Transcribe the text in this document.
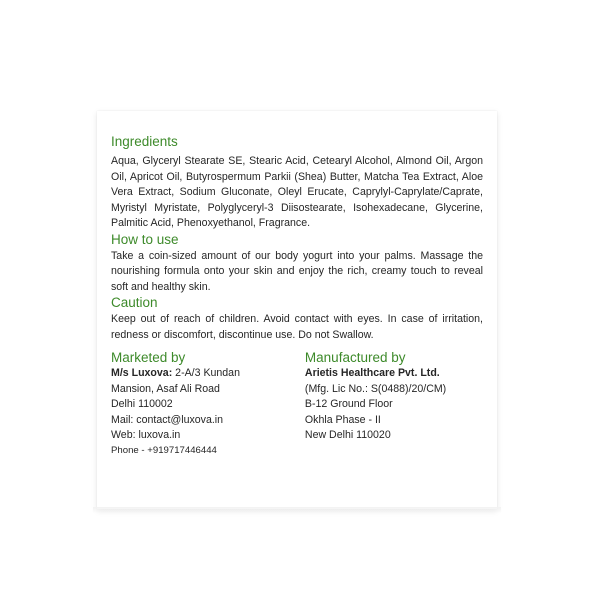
Ingredients

Aqua, Glyceryl Stearate SE, Stearic Acid, Cetearyl Alcohol, Almond Oil, Argon Oil, Apricot Oil, Butyrospermum Parkii (Shea) Butter, Matcha Tea Extract, Aloe Vera Extract, Sodium Gluconate, Oleyl Erucate, Caprylyl-Caprylate/Caprate, Myristyl Myristate, Polyglyceryl-3 Diisostearate, Isohexadecane, Glycerine, Palmitic Acid, Phenoxyethanol, Fragrance.

How to use

Take a coin-sized amount of our body yogurt into your palms. Massage the nourishing formula onto your skin and enjoy the rich, creamy touch to reveal soft and healthy skin.

Caution

Keep out of reach of children. Avoid contact with eyes. In case of irritation, redness or discomfort, discontinue use. Do not Swallow.

Marketed by
M/s Luxova: 2-A/3 Kundan
Mansion, Asaf Ali Road
Delhi 110002
Mail: contact@luxova.in
Web: luxova.in
Phone - +919717446444
Manufactured by
Arietis Healthcare Pvt. Ltd.
(Mfg. Lic No.: S(0488)/20/CM)
B-12 Ground Floor
Okhla Phase - II
New Delhi 110020
